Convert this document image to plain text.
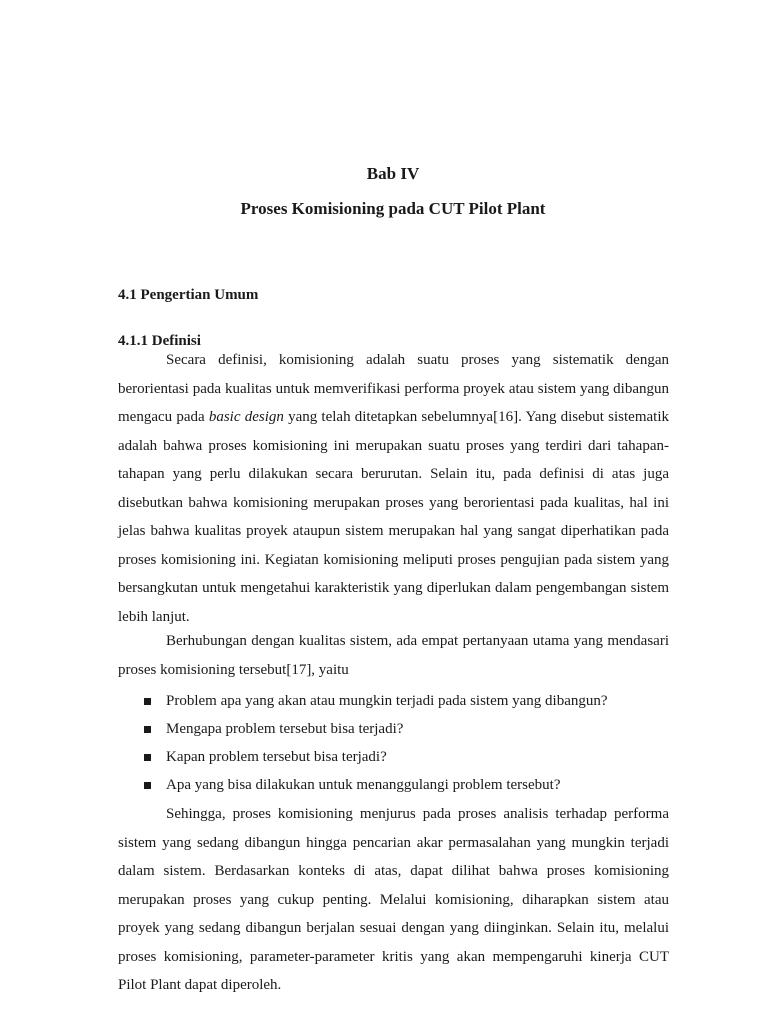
Bab IV
Proses Komisioning pada CUT Pilot Plant
4.1 Pengertian Umum
4.1.1 Definisi

Secara definisi, komisioning adalah suatu proses yang sistematik dengan berorientasi pada kualitas untuk memverifikasi performa proyek atau sistem yang dibangun mengacu pada basic design yang telah ditetapkan sebelumnya[16]. Yang disebut sistematik adalah bahwa proses komisioning ini merupakan suatu proses yang terdiri dari tahapan-tahapan yang perlu dilakukan secara berurutan. Selain itu, pada definisi di atas juga disebutkan bahwa komisioning merupakan proses yang berorientasi pada kualitas, hal ini jelas bahwa kualitas proyek ataupun sistem merupakan hal yang sangat diperhatikan pada proses komisioning ini. Kegiatan komisioning meliputi proses pengujian pada sistem yang bersangkutan untuk mengetahui karakteristik yang diperlukan dalam pengembangan sistem lebih lanjut.

Berhubungan dengan kualitas sistem, ada empat pertanyaan utama yang mendasari proses komisioning tersebut[17], yaitu

Problem apa yang akan atau mungkin terjadi pada sistem yang dibangun?
Mengapa problem tersebut bisa terjadi?
Kapan problem tersebut bisa terjadi?
Apa yang bisa dilakukan untuk menanggulangi problem tersebut?

Sehingga, proses komisioning menjurus pada proses analisis terhadap performa sistem yang sedang dibangun hingga pencarian akar permasalahan yang mungkin terjadi dalam sistem. Berdasarkan konteks di atas, dapat dilihat bahwa proses komisioning merupakan proses yang cukup penting. Melalui komisioning, diharapkan sistem atau proyek yang sedang dibangun berjalan sesuai dengan yang diinginkan. Selain itu, melalui proses komisioning, parameter-parameter kritis yang akan mempengaruhi kinerja CUT Pilot Plant dapat diperoleh.
